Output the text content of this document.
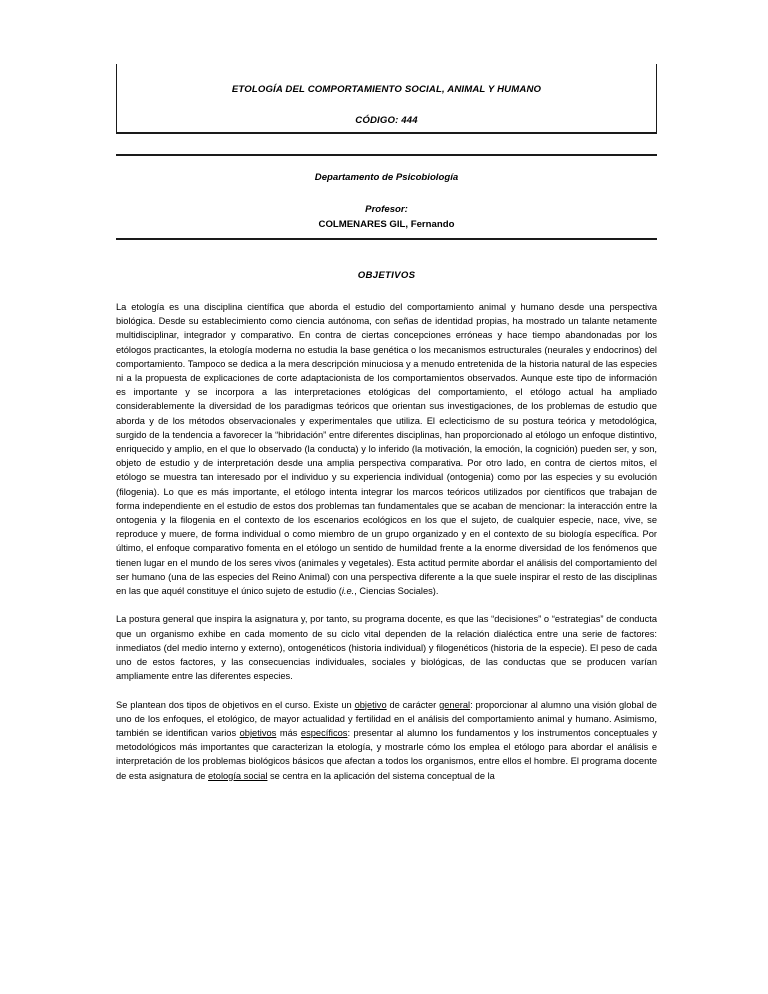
ETOLOGÍA DEL COMPORTAMIENTO SOCIAL, ANIMAL Y HUMANO
CÓDIGO: 444
Departamento de Psicobiología
Profesor:
COLMENARES GIL, Fernando
OBJETIVOS

La etología es una disciplina científica que aborda el estudio del comportamiento animal y humano desde una perspectiva biológica. Desde su establecimiento como ciencia autónoma, con señas de identidad propias, ha mostrado un talante netamente multidisciplinar, integrador y comparativo. En contra de ciertas concepciones erróneas y hace tiempo abandonadas por los etólogos practicantes, la etología moderna no estudia la base genética o los mecanismos estructurales (neurales y endocrinos) del comportamiento. Tampoco se dedica a la mera descripción minuciosa y a menudo entretenida de la historia natural de las especies ni a la propuesta de explicaciones de corte adaptacionista de los comportamientos observados. Aunque este tipo de información es importante y se incorpora a las interpretaciones etológicas del comportamiento, el etólogo actual ha ampliado considerablemente la diversidad de los paradigmas teóricos que orientan sus investigaciones, de los problemas de estudio que aborda y de los métodos observacionales y experimentales que utiliza. El eclecticismo de su postura teórica y metodológica, surgido de la tendencia a favorecer la “hibridación” entre diferentes disciplinas, han proporcionado al etólogo un enfoque distintivo, enriquecido y amplio, en el que lo observado (la conducta) y lo inferido (la motivación, la emoción, la cognición) pueden ser, y son, objeto de estudio y de interpretación desde una amplia perspectiva comparativa. Por otro lado, en contra de ciertos mitos, el etólogo se muestra tan interesado por el individuo y su experiencia individual (ontogenia) como por las especies y su evolución (filogenia). Lo que es más importante, el etólogo intenta integrar los marcos teóricos utilizados por científicos que trabajan de forma independiente en el estudio de estos dos problemas tan fundamentales que se acaban de mencionar: la interacción entre la ontogenia y la filogenia en el contexto de los escenarios ecológicos en los que el sujeto, de cualquier especie, nace, vive, se reproduce y muere, de forma individual o como miembro de un grupo organizado y en el contexto de su biología específica. Por último, el enfoque comparativo fomenta en el etólogo un sentido de humildad frente a la enorme diversidad de los fenómenos que tienen lugar en el mundo de los seres vivos (animales y vegetales). Esta actitud permite abordar el análisis del comportamiento del ser humano (una de las especies del Reino Animal) con una perspectiva diferente a la que suele inspirar el resto de las disciplinas en las que aquél constituye el único sujeto de estudio (i.e., Ciencias Sociales).

La postura general que inspira la asignatura y, por tanto, su programa docente, es que las “decisiones” o “estrategias” de conducta que un organismo exhibe en cada momento de su ciclo vital dependen de la relación dialéctica entre una serie de factores: inmediatos (del medio interno y externo), ontogenéticos (historia individual) y filogenéticos (historia de la especie). El peso de cada uno de estos factores, y las consecuencias individuales, sociales y biológicas, de las conductas que se producen varían ampliamente entre las diferentes especies.

Se plantean dos tipos de objetivos en el curso. Existe un objetivo de carácter general: proporcionar al alumno una visión global de uno de los enfoques, el etológico, de mayor actualidad y fertilidad en el análisis del comportamiento animal y humano. Asimismo, también se identifican varios objetivos más específicos: presentar al alumno los fundamentos y los instrumentos conceptuales y metodológicos más importantes que caracterizan la etología, y mostrarle cómo los emplea el etólogo para abordar el análisis e interpretación de los problemas biológicos básicos que afectan a todos los organismos, entre ellos el hombre. El programa docente de esta asignatura de etología social se centra en la aplicación del sistema conceptual de la
